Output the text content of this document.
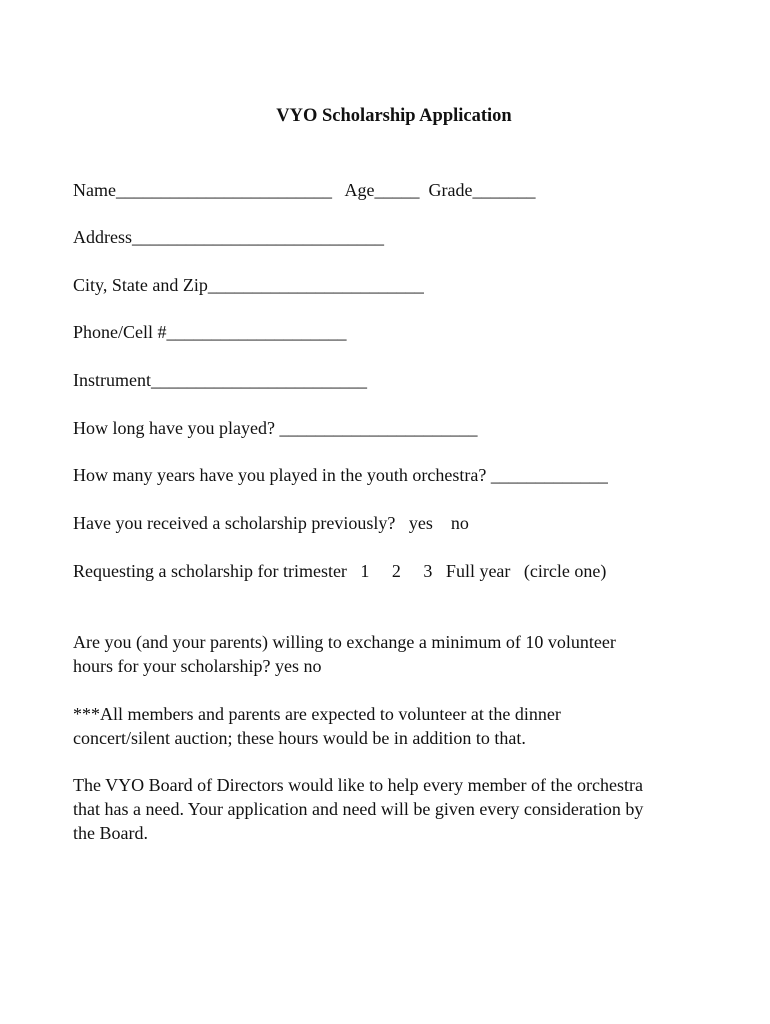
VYO Scholarship Application
Name________________________   Age_____  Grade_______
Address____________________________
City, State and Zip________________________
Phone/Cell #____________________
Instrument________________________
How long have you played? ______________________
How many years have you played in the youth orchestra? _____________
Have you received a scholarship previously?   yes    no
Requesting a scholarship for trimester   1     2     3   Full year   (circle one)
Are you (and your parents) willing to exchange a minimum of 10 volunteer
hours for your scholarship? yes no
***All members and parents are expected to volunteer at the dinner
concert/silent auction; these hours would be in addition to that.
The VYO Board of Directors would like to help every member of the orchestra
that has a need. Your application and need will be given every consideration by
the Board.
